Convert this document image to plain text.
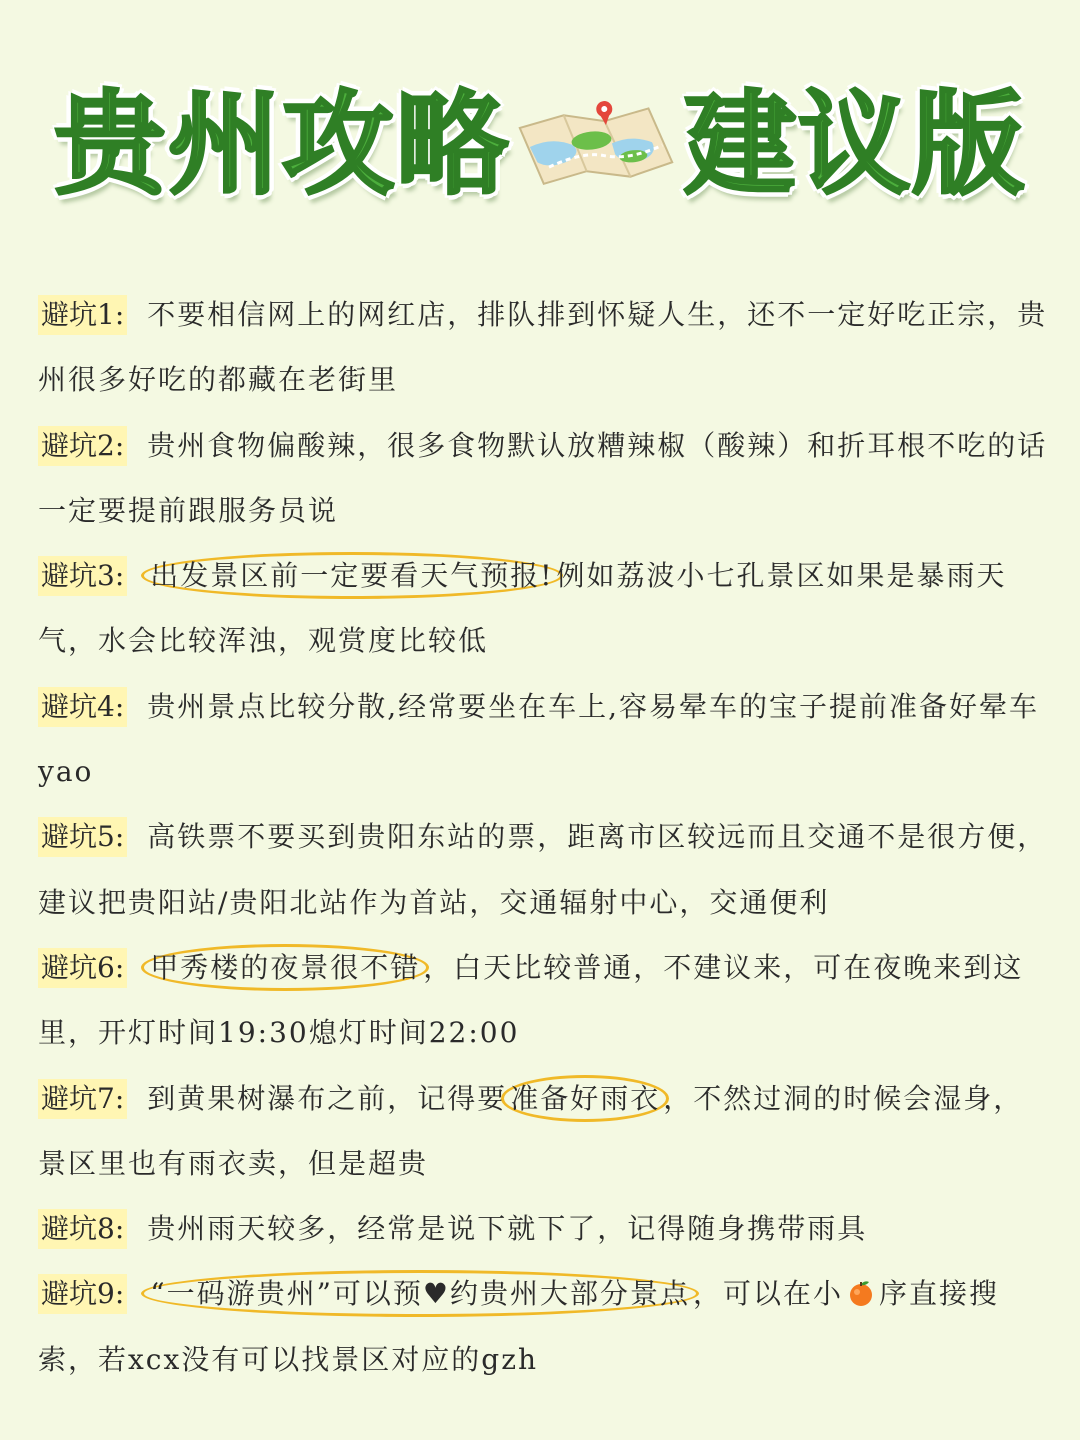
贵州攻略 建议版

避坑1: 不要相信网上的网红店，排队排到怀疑人生，还不一定好吃正宗，贵州很多好吃的都藏在老街里

避坑2: 贵州食物偏酸辣，很多食物默认放糟辣椒（酸辣）和折耳根不吃的话一定要提前跟服务员说

避坑3: 出发景区前一定要看天气预报! 例如荔波小七孔景区如果是暴雨天气，水会比较浑浊，观赏度比较低

避坑4: 贵州景点比较分散,经常要坐在车上,容易晕车的宝子提前准备好晕车yao

避坑5: 高铁票不要买到贵阳东站的票，距离市区较远而且交通不是很方便，建议把贵阳站/贵阳北站作为首站，交通辐射中心，交通便利

避坑6: 甲秀楼的夜景很不错 ，白天比较普通，不建议来，可在夜晚来到这里，开灯时间19:30熄灯时间22:00

避坑7: 到黄果树瀑布之前，记得要 准备好雨衣 ，不然过洞的时候会湿身，景区里也有雨衣卖，但是超贵

避坑8: 贵州雨天较多，经常是说下就下了，记得随身携带雨具

避坑9: “一码游贵州”可以预♥约贵州大部分景点 ，可以在小 序直接搜索，若xcx没有可以找景区对应的gzh
